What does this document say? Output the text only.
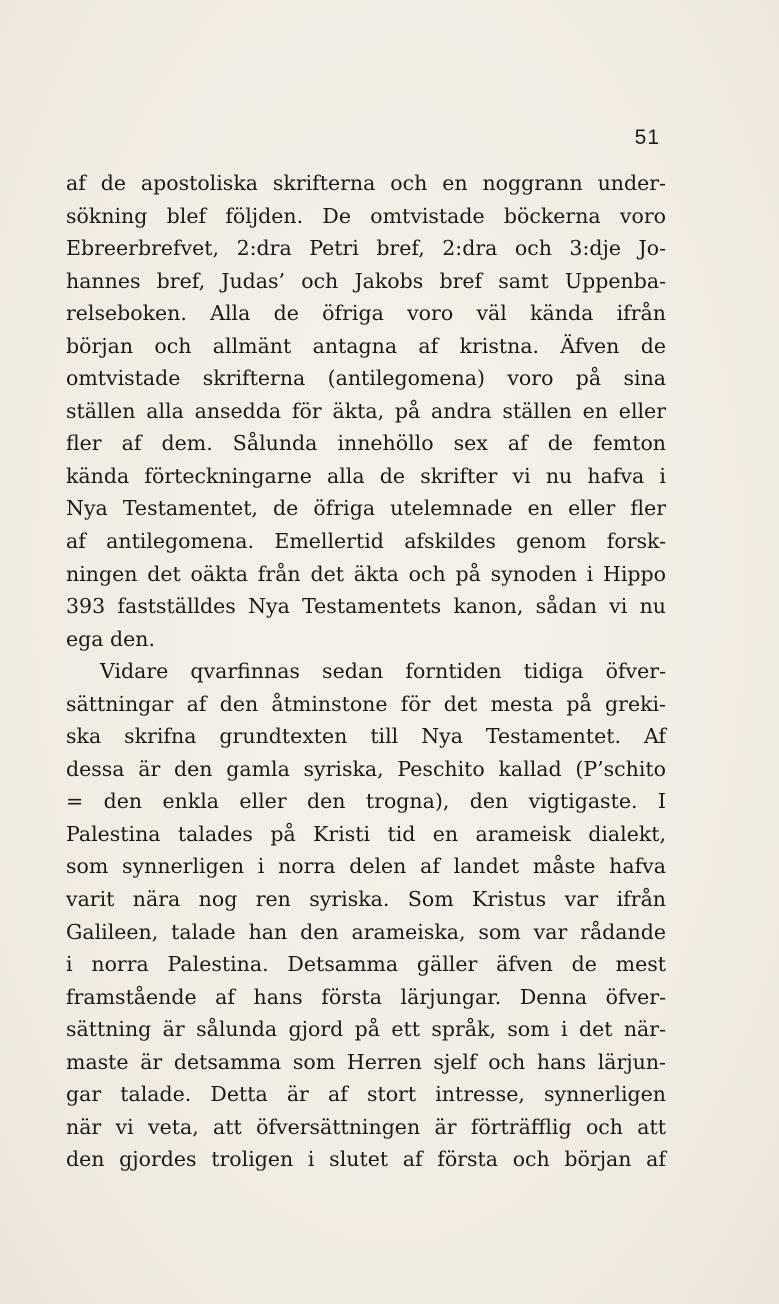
51
af de apostoliska skrifterna och en noggrann under-
sökning blef följden. De omtvistade böckerna voro
Ebreerbrefvet, 2:dra Petri bref, 2:dra och 3:dje Jo-
hannes bref, Judas’ och Jakobs bref samt Uppenba-
relseboken. Alla de öfriga voro väl kända ifrån
början och allmänt antagna af kristna. Äfven de
omtvistade skrifterna (antilegomena) voro på sina
ställen alla ansedda för äkta, på andra ställen en eller
fler af dem. Sålunda innehöllo sex af de femton
kända förteckningarne alla de skrifter vi nu hafva i
Nya Testamentet, de öfriga utelemnade en eller fler
af antilegomena. Emellertid afskildes genom forsk-
ningen det oäkta från det äkta och på synoden i Hippo
393 fastställdes Nya Testamentets kanon, sådan vi nu
ega den.
Vidare qvarfinnas sedan forntiden tidiga öfver-
sättningar af den åtminstone för det mesta på greki-
ska skrifna grundtexten till Nya Testamentet. Af
dessa är den gamla syriska, Peschito kallad (P’schito
= den enkla eller den trogna), den vigtigaste. I
Palestina talades på Kristi tid en arameisk dialekt,
som synnerligen i norra delen af landet måste hafva
varit nära nog ren syriska. Som Kristus var ifrån
Galileen, talade han den arameiska, som var rådande
i norra Palestina. Detsamma gäller äfven de mest
framstående af hans första lärjungar. Denna öfver-
sättning är sålunda gjord på ett språk, som i det när-
maste är detsamma som Herren sjelf och hans lärjun-
gar talade. Detta är af stort intresse, synnerligen
när vi veta, att öfversättningen är förträfflig och att
den gjordes troligen i slutet af första och början af
